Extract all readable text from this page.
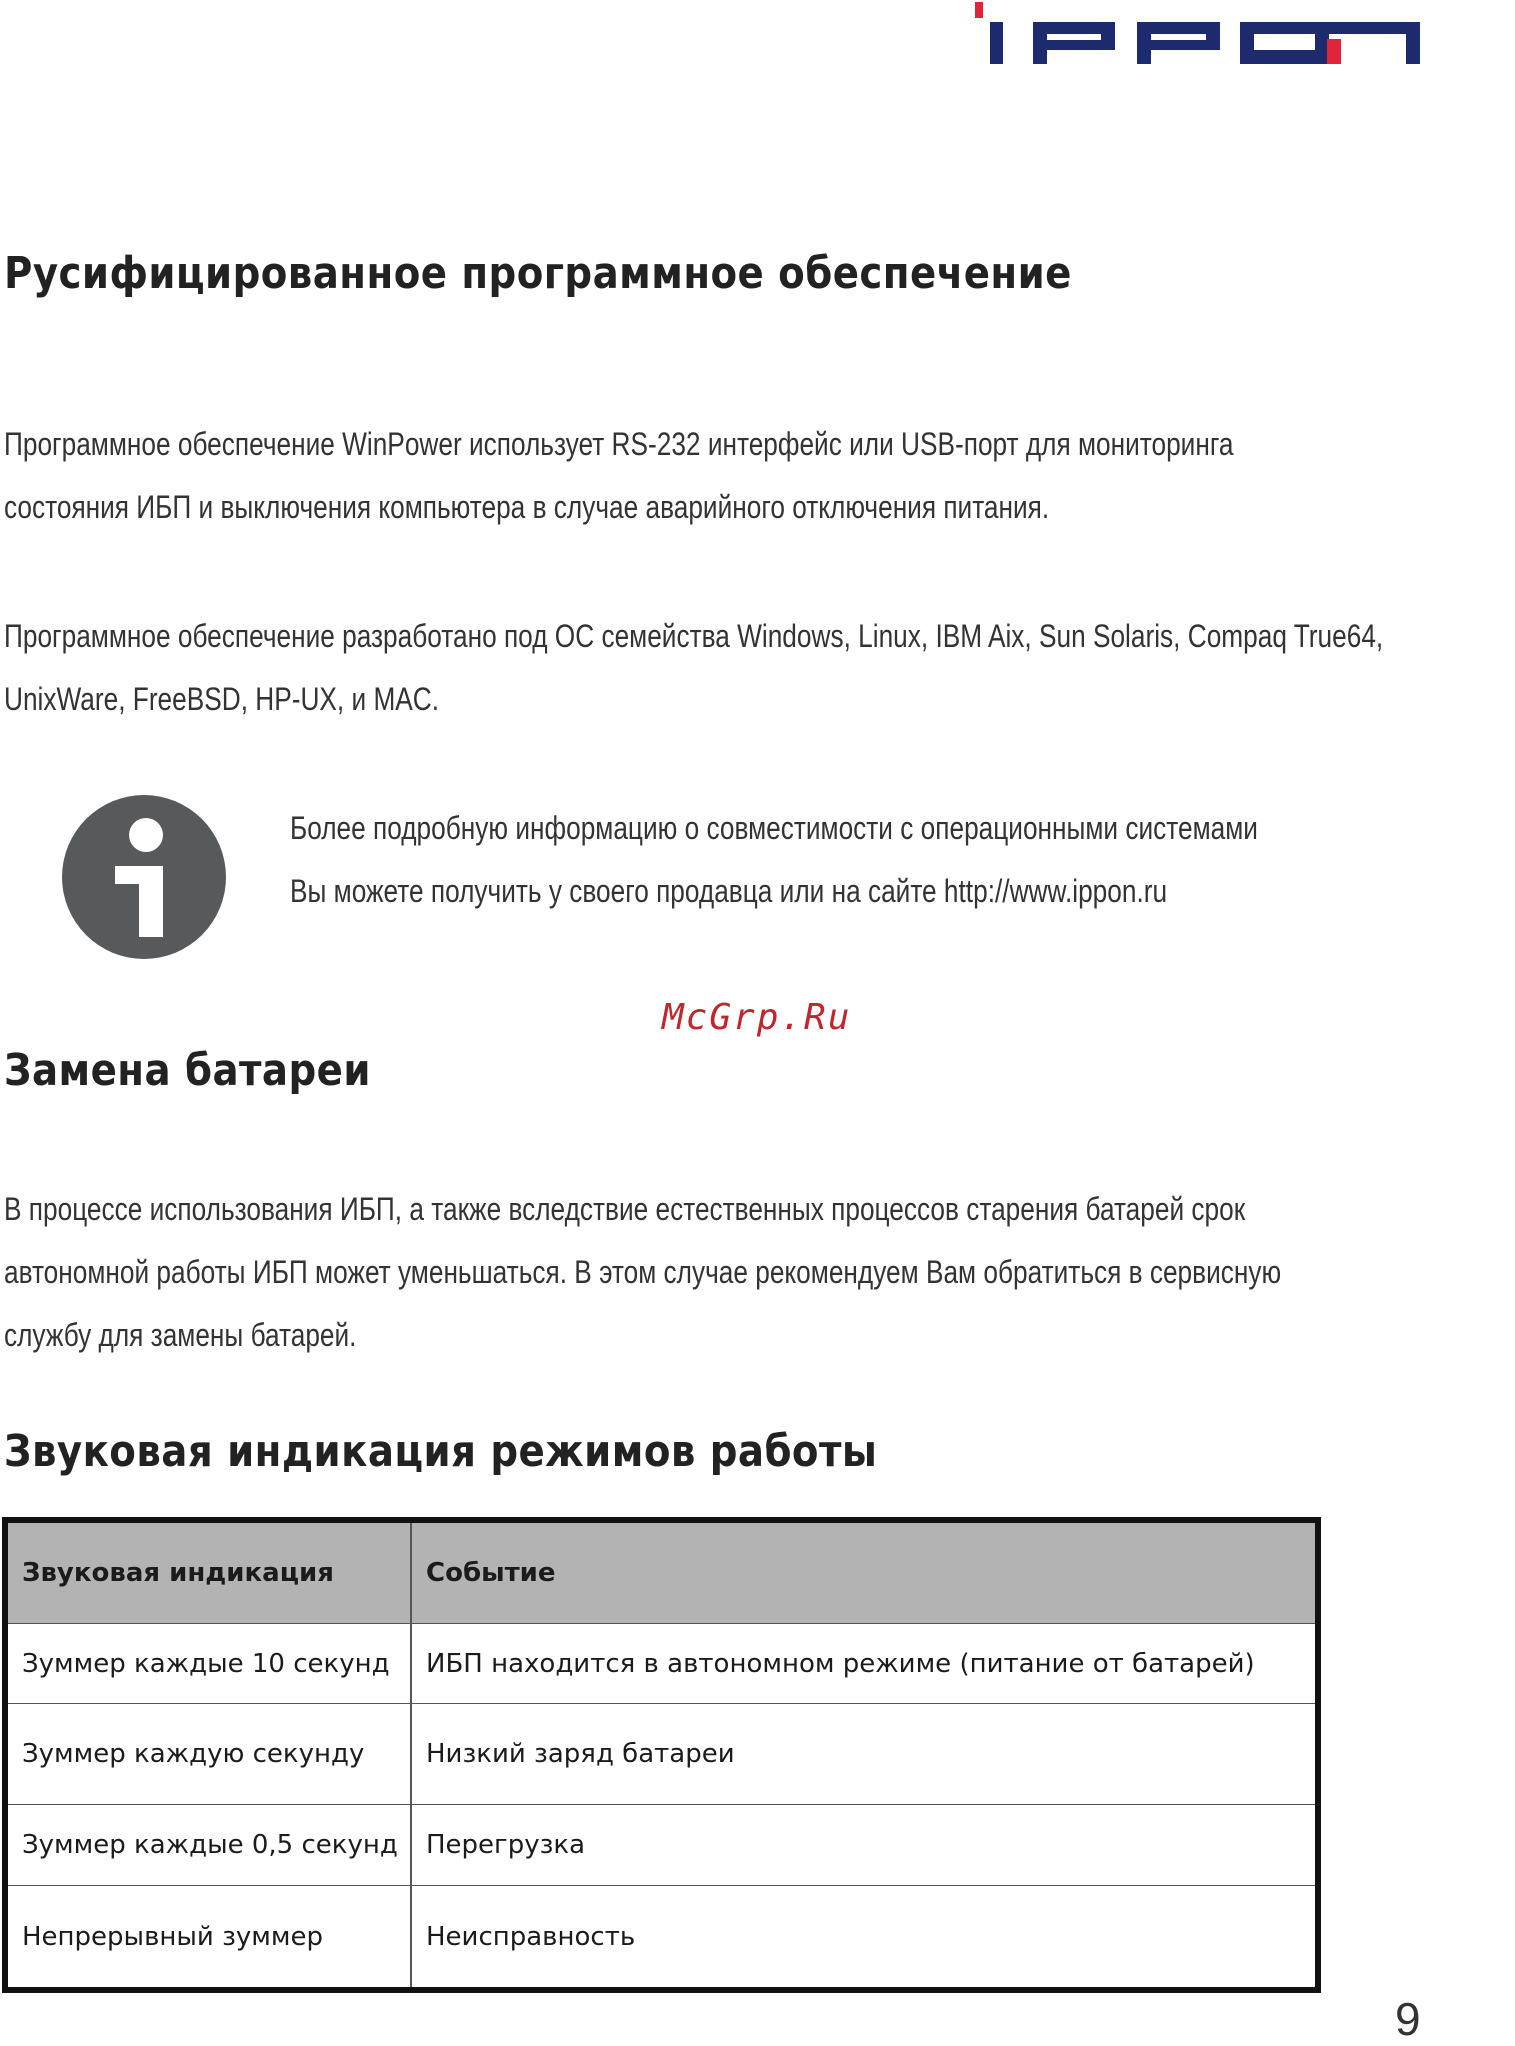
Русифицированное программное обеспечение
Программное обеспечение WinPower использует RS-232 интерфейс или USB-порт для мониторинга
состояния ИБП и выключения компьютера в случае аварийного отключения питания.
Программное обеспечение разработано под ОС семейства Windows, Linux, IBM Aix, Sun Solaris, Compaq True64,
UnixWare, FreeBSD, HP-UX, и MAC.
Более подробную информацию о совместимости с операционными системами
Вы можете получить у своего продавца или на сайте http://www.ippon.ru
McGrp.Ru
Замена батареи
В процессе использования ИБП, а также вследствие естественных процессов старения батарей срок
автономной работы ИБП может уменьшаться. В этом случае рекомендуем Вам обратиться в сервисную
службу для замены батарей.
Звуковая индикация режимов работы
Звуковая индикация	Событие
Зуммер каждые 10 секунд	ИБП находится в автономном режиме (питание от батарей)
Зуммер каждую секунду	Низкий заряд батареи
Зуммер каждые 0,5 секунд	Перегрузка
Непрерывный зуммер	Неисправность
9
